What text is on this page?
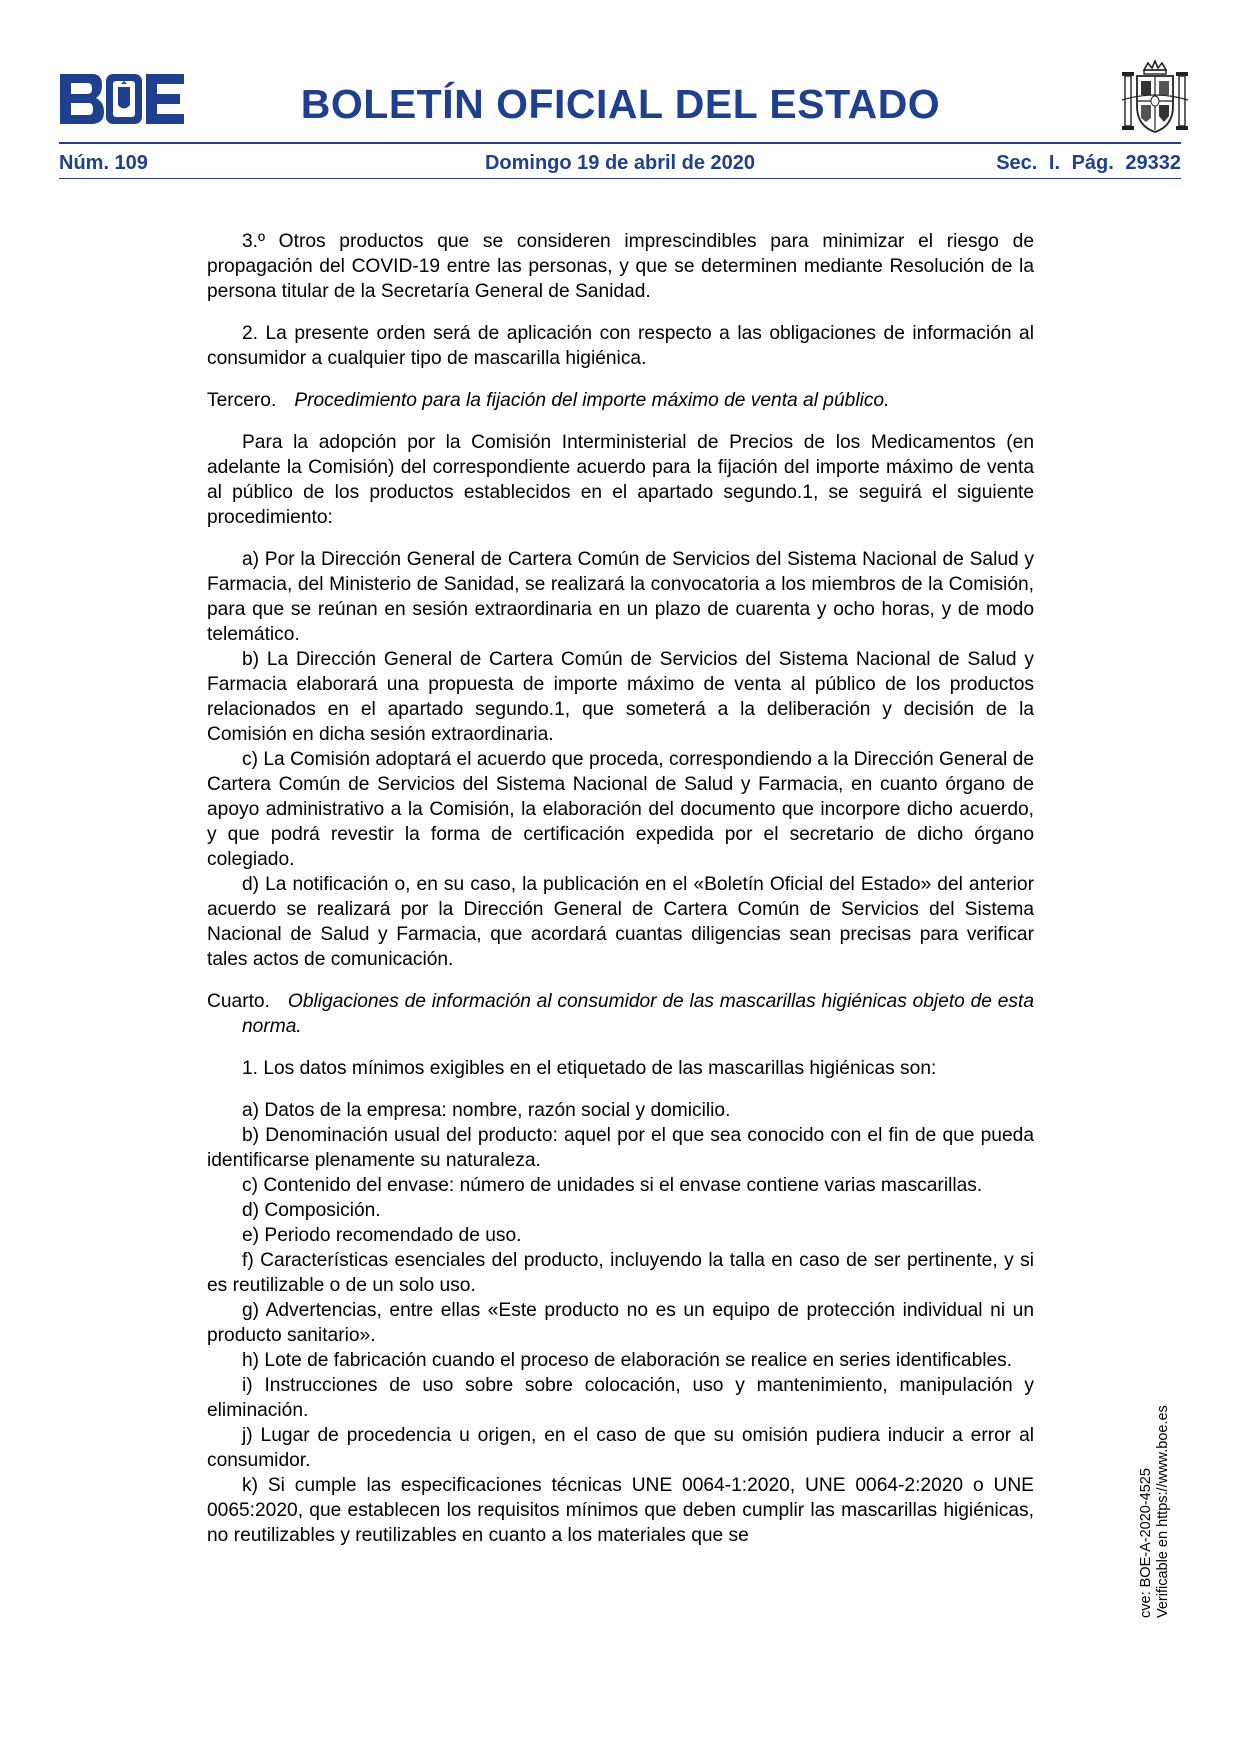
BOLETÍN OFICIAL DEL ESTADO
Núm. 109	Domingo 19 de abril de 2020	Sec. I. Pág. 29332

3.º Otros productos que se consideren imprescindibles para minimizar el riesgo de propagación del COVID-19 entre las personas, y que se determinen mediante Resolución de la persona titular de la Secretaría General de Sanidad.

2. La presente orden será de aplicación con respecto a las obligaciones de información al consumidor a cualquier tipo de mascarilla higiénica.

Tercero. Procedimiento para la fijación del importe máximo de venta al público.

Para la adopción por la Comisión Interministerial de Precios de los Medicamentos (en adelante la Comisión) del correspondiente acuerdo para la fijación del importe máximo de venta al público de los productos establecidos en el apartado segundo.1, se seguirá el siguiente procedimiento:

a) Por la Dirección General de Cartera Común de Servicios del Sistema Nacional de Salud y Farmacia, del Ministerio de Sanidad, se realizará la convocatoria a los miembros de la Comisión, para que se reúnan en sesión extraordinaria en un plazo de cuarenta y ocho horas, y de modo telemático.

b) La Dirección General de Cartera Común de Servicios del Sistema Nacional de Salud y Farmacia elaborará una propuesta de importe máximo de venta al público de los productos relacionados en el apartado segundo.1, que someterá a la deliberación y decisión de la Comisión en dicha sesión extraordinaria.

c) La Comisión adoptará el acuerdo que proceda, correspondiendo a la Dirección General de Cartera Común de Servicios del Sistema Nacional de Salud y Farmacia, en cuanto órgano de apoyo administrativo a la Comisión, la elaboración del documento que incorpore dicho acuerdo, y que podrá revestir la forma de certificación expedida por el secretario de dicho órgano colegiado.

d) La notificación o, en su caso, la publicación en el «Boletín Oficial del Estado» del anterior acuerdo se realizará por la Dirección General de Cartera Común de Servicios del Sistema Nacional de Salud y Farmacia, que acordará cuantas diligencias sean precisas para verificar tales actos de comunicación.

Cuarto. Obligaciones de información al consumidor de las mascarillas higiénicas objeto de esta norma.

1. Los datos mínimos exigibles en el etiquetado de las mascarillas higiénicas son:

a) Datos de la empresa: nombre, razón social y domicilio.

b) Denominación usual del producto: aquel por el que sea conocido con el fin de que pueda identificarse plenamente su naturaleza.

c) Contenido del envase: número de unidades si el envase contiene varias mascarillas.

d) Composición.

e) Periodo recomendado de uso.

f) Características esenciales del producto, incluyendo la talla en caso de ser pertinente, y si es reutilizable o de un solo uso.

g) Advertencias, entre ellas «Este producto no es un equipo de protección individual ni un producto sanitario».

h) Lote de fabricación cuando el proceso de elaboración se realice en series identificables.

i) Instrucciones de uso sobre sobre colocación, uso y mantenimiento, manipulación y eliminación.

j) Lugar de procedencia u origen, en el caso de que su omisión pudiera inducir a error al consumidor.

k) Si cumple las especificaciones técnicas UNE 0064-1:2020, UNE 0064-2:2020 o UNE 0065:2020, que establecen los requisitos mínimos que deben cumplir las mascarillas higiénicas, no reutilizables y reutilizables en cuanto a los materiales que se	cve: BOE-A-2020-4525 Verificable en https://www.boe.es
